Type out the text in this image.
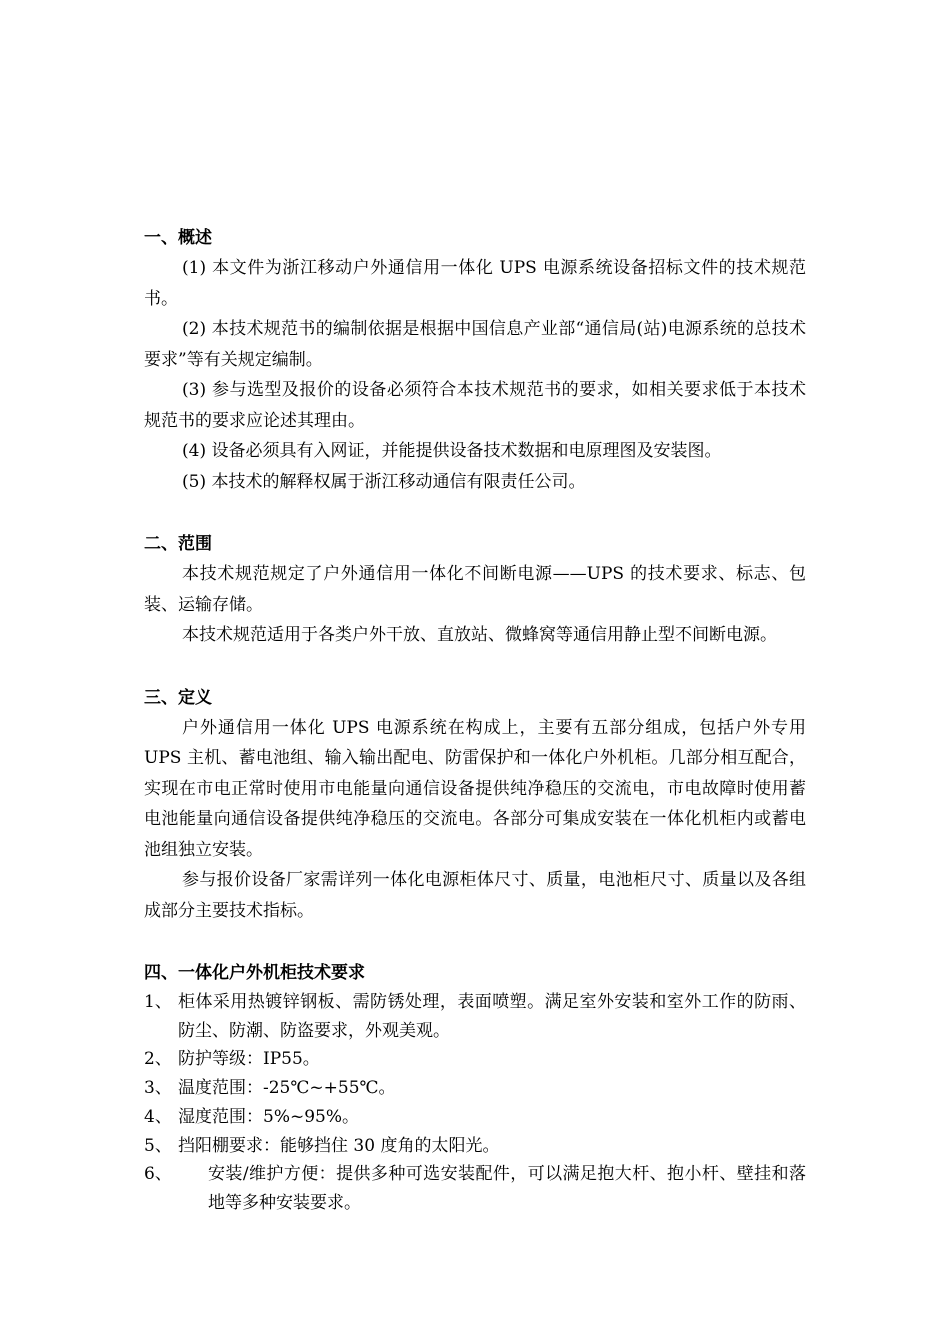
一、概述

(1) 本文件为浙江移动户外通信用一体化 UPS 电源系统设备招标文件的技术规范书。

(2) 本技术规范书的编制依据是根据中国信息产业部“通信局(站)电源系统的总技术要求”等有关规定编制。

(3) 参与选型及报价的设备必须符合本技术规范书的要求，如相关要求低于本技术规范书的要求应论述其理由。

(4) 设备必须具有入网证，并能提供设备技术数据和电原理图及安装图。

(5) 本技术的解释权属于浙江移动通信有限责任公司。

二、范围

本技术规范规定了户外通信用一体化不间断电源——UPS 的技术要求、标志、包装、运输存储。

本技术规范适用于各类户外干放、直放站、微蜂窝等通信用静止型不间断电源。

三、定义

户外通信用一体化 UPS 电源系统在构成上，主要有五部分组成，包括户外专用 UPS 主机、蓄电池组、输入输出配电、防雷保护和一体化户外机柜。几部分相互配合，实现在市电正常时使用市电能量向通信设备提供纯净稳压的交流电，市电故障时使用蓄电池能量向通信设备提供纯净稳压的交流电。各部分可集成安装在一体化机柜内或蓄电池组独立安装。

参与报价设备厂家需详列一体化电源柜体尺寸、质量，电池柜尺寸、质量以及各组成部分主要技术指标。

四、一体化户外机柜技术要求
1、 柜体采用热镀锌钢板、需防锈处理，表面喷塑。满足室外安装和室外工作的防雨、防尘、防潮、防盗要求，外观美观。
2、 防护等级：IP55。
3、 温度范围：-25℃~+55℃。
4、 湿度范围：5%~95%。
5、 挡阳棚要求：能够挡住 30 度角的太阳光。
6、	安装/维护方便：提供多种可选安装配件，可以满足抱大杆、抱小杆、壁挂和落地等多种安装要求。
